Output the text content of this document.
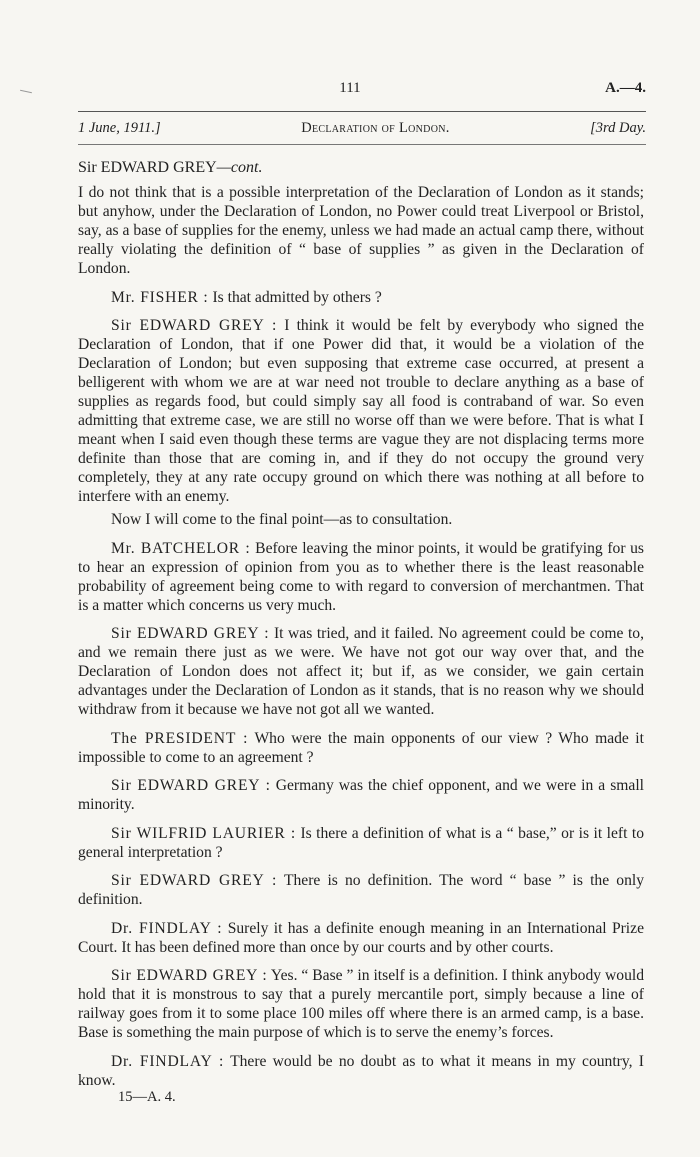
111	A.—4.
1 June, 1911.]	Declaration of London.	[3rd Day.
Sir EDWARD GREY—cont.

I do not think that is a possible interpretation of the Declaration of London as it stands; but anyhow, under the Declaration of London, no Power could treat Liverpool or Bristol, say, as a base of supplies for the enemy, unless we had made an actual camp there, without really violating the definition of “ base of supplies ” as given in the Declaration of London.

Mr. FISHER : Is that admitted by others ?

Sir EDWARD GREY : I think it would be felt by everybody who signed the Declaration of London, that if one Power did that, it would be a violation of the Declaration of London; but even supposing that extreme case occurred, at present a belligerent with whom we are at war need not trouble to declare anything as a base of supplies as regards food, but could simply say all food is contraband of war. So even admitting that extreme case, we are still no worse off than we were before. That is what I meant when I said even though these terms are vague they are not displacing terms more definite than those that are coming in, and if they do not occupy the ground very completely, they at any rate occupy ground on which there was nothing at all before to interfere with an enemy.

Now I will come to the final point—as to consultation.

Mr. BATCHELOR : Before leaving the minor points, it would be gratifying for us to hear an expression of opinion from you as to whether there is the least reasonable probability of agreement being come to with regard to conversion of merchantmen. That is a matter which concerns us very much.

Sir EDWARD GREY : It was tried, and it failed. No agreement could be come to, and we remain there just as we were. We have not got our way over that, and the Declaration of London does not affect it; but if, as we consider, we gain certain advantages under the Declaration of London as it stands, that is no reason why we should withdraw from it because we have not got all we wanted.

The PRESIDENT : Who were the main opponents of our view ? Who made it impossible to come to an agreement ?

Sir EDWARD GREY : Germany was the chief opponent, and we were in a small minority.

Sir WILFRID LAURIER : Is there a definition of what is a “ base,” or is it left to general interpretation ?

Sir EDWARD GREY : There is no definition. The word “ base ” is the only definition.

Dr. FINDLAY : Surely it has a definite enough meaning in an International Prize Court. It has been defined more than once by our courts and by other courts.

Sir EDWARD GREY : Yes. “ Base ” in itself is a definition. I think anybody would hold that it is monstrous to say that a purely mercantile port, simply because a line of railway goes from it to some place 100 miles off where there is an armed camp, is a base. Base is something the main purpose of which is to serve the enemy’s forces.

Dr. FINDLAY : There would be no doubt as to what it means in my country, I know.

15—A. 4.
